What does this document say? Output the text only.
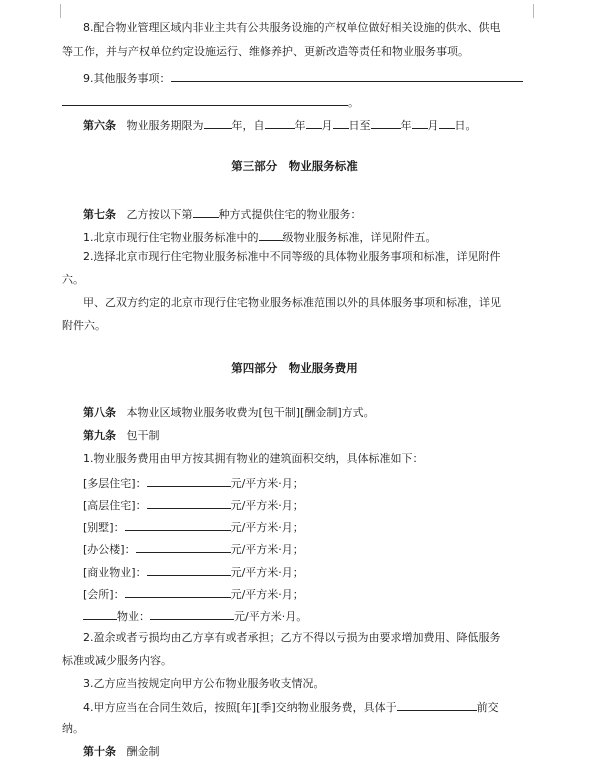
8.配合物业管理区域内非业主共有公共服务设施的产权单位做好相关设施的供水、供电
等工作，并与产权单位约定设施运行、维修养护、更新改造等责任和物业服务事项。
9.其他服务事项：
。
第六条 物业服务期限为	年，自	年 月 日至	年 月 日。
第三部分　物业服务标准
第七条 乙方按以下第 种方式提供住宅的物业服务：
1.北京市现行住宅物业服务标准中的 级物业服务标准，详见附件五。
2.选择北京市现行住宅物业服务标准中不同等级的具体物业服务事项和标准，详见附件
六。
甲、乙双方约定的北京市现行住宅物业服务标准范围以外的具体服务事项和标准，详见
附件六。
第四部分　物业服务费用
第八条 本物业区域物业服务收费为[包干制][酬金制]方式。
第九条 包干制
1.物业服务费用由甲方按其拥有物业的建筑面积交纳，具体标准如下：
[多层住宅]：	元/平方米·月；
[高层住宅]：	元/平方米·月；
[别墅]：	元/平方米·月；
[办公楼]：	元/平方米·月；
[商业物业]：	元/平方米·月；
[会所]：	元/平方米·月；
物业：	元/平方米·月。
2.盈余或者亏损均由乙方享有或者承担；乙方不得以亏损为由要求增加费用、降低服务
标准或减少服务内容。
3.乙方应当按规定向甲方公布物业服务收支情况。
4.甲方应当在合同生效后，按照[年][季]交纳物业服务费，具体于	前交
纳。
第十条 酬金制
